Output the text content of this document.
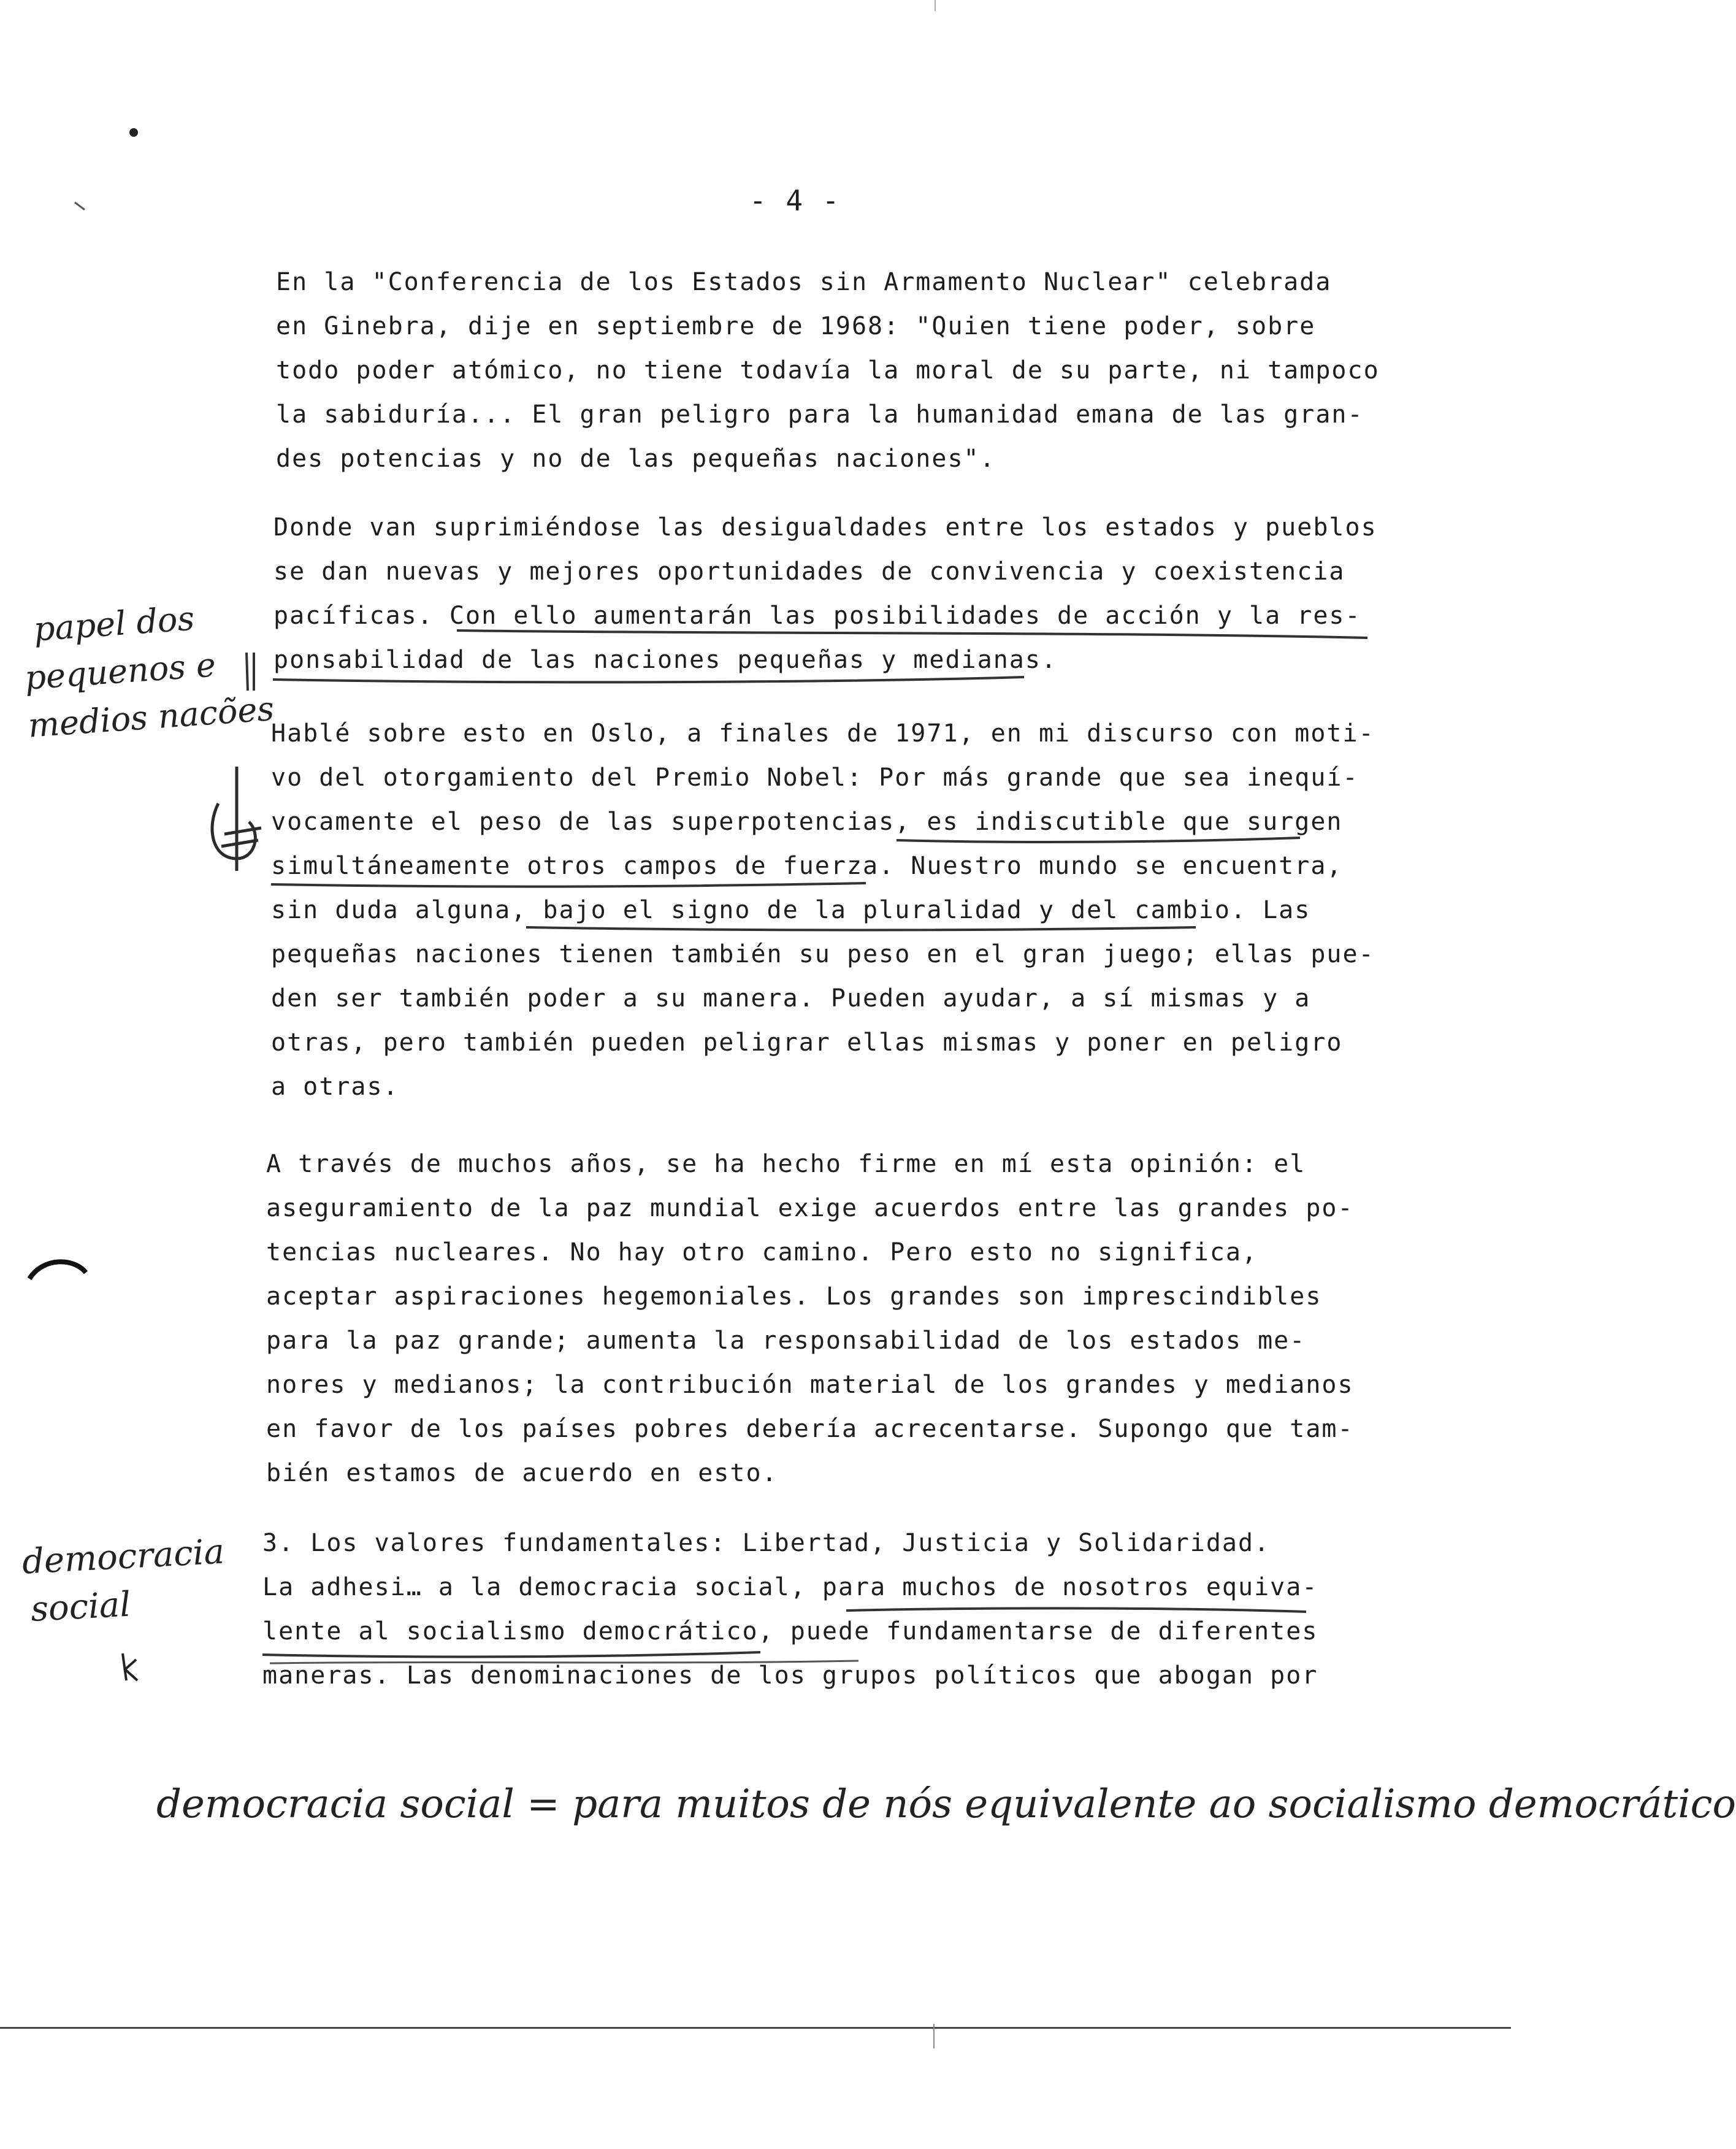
- 4 -

En la "Conferencia de los Estados sin Armamento Nuclear" celebrada
en Ginebra, dije en septiembre de 1968: "Quien tiene poder, sobre
todo poder atómico, no tiene todavía la moral de su parte, ni tampoco
la sabiduría... El gran peligro para la humanidad emana de las gran-
des potencias y no de las pequeñas naciones".

Donde van suprimiéndose las desigualdades entre los estados y pueblos
se dan nuevas y mejores oportunidades de convivencia y coexistencia
pacíficas. Con ello aumentarán las posibilidades de acción y la res-
ponsabilidad de las naciones pequeñas y medianas.

Hablé sobre esto en Oslo, a finales de 1971, en mi discurso con moti-
vo del otorgamiento del Premio Nobel: Por más grande que sea inequí-
vocamente el peso de las superpotencias, es indiscutible que surgen
simultáneamente otros campos de fuerza. Nuestro mundo se encuentra,
sin duda alguna, bajo el signo de la pluralidad y del cambio. Las
pequeñas naciones tienen también su peso en el gran juego; ellas pue-
den ser también poder a su manera. Pueden ayudar, a sí mismas y a
otras, pero también pueden peligrar ellas mismas y poner en peligro
a otras.

A través de muchos años, se ha hecho firme en mí esta opinión: el
aseguramiento de la paz mundial exige acuerdos entre las grandes po-
tencias nucleares. No hay otro camino. Pero esto no significa,
aceptar aspiraciones hegemoniales. Los grandes son imprescindibles
para la paz grande; aumenta la responsabilidad de los estados me-
nores y medianos; la contribución material de los grandes y medianos
en favor de los países pobres debería acrecentarse. Supongo que tam-
bién estamos de acuerdo en esto.

3. Los valores fundamentales: Libertad, Justicia y Solidaridad.
La adhesi… a la democracia social, para muchos de nosotros equiva-
lente al socialismo democrático, puede fundamentarse de diferentes
maneras. Las denominaciones de los grupos políticos que abogan por

papel dos
pequenos e
medios nacões
democracia
social
democracia social = para muitos de nós equivalente ao socialismo democrático
